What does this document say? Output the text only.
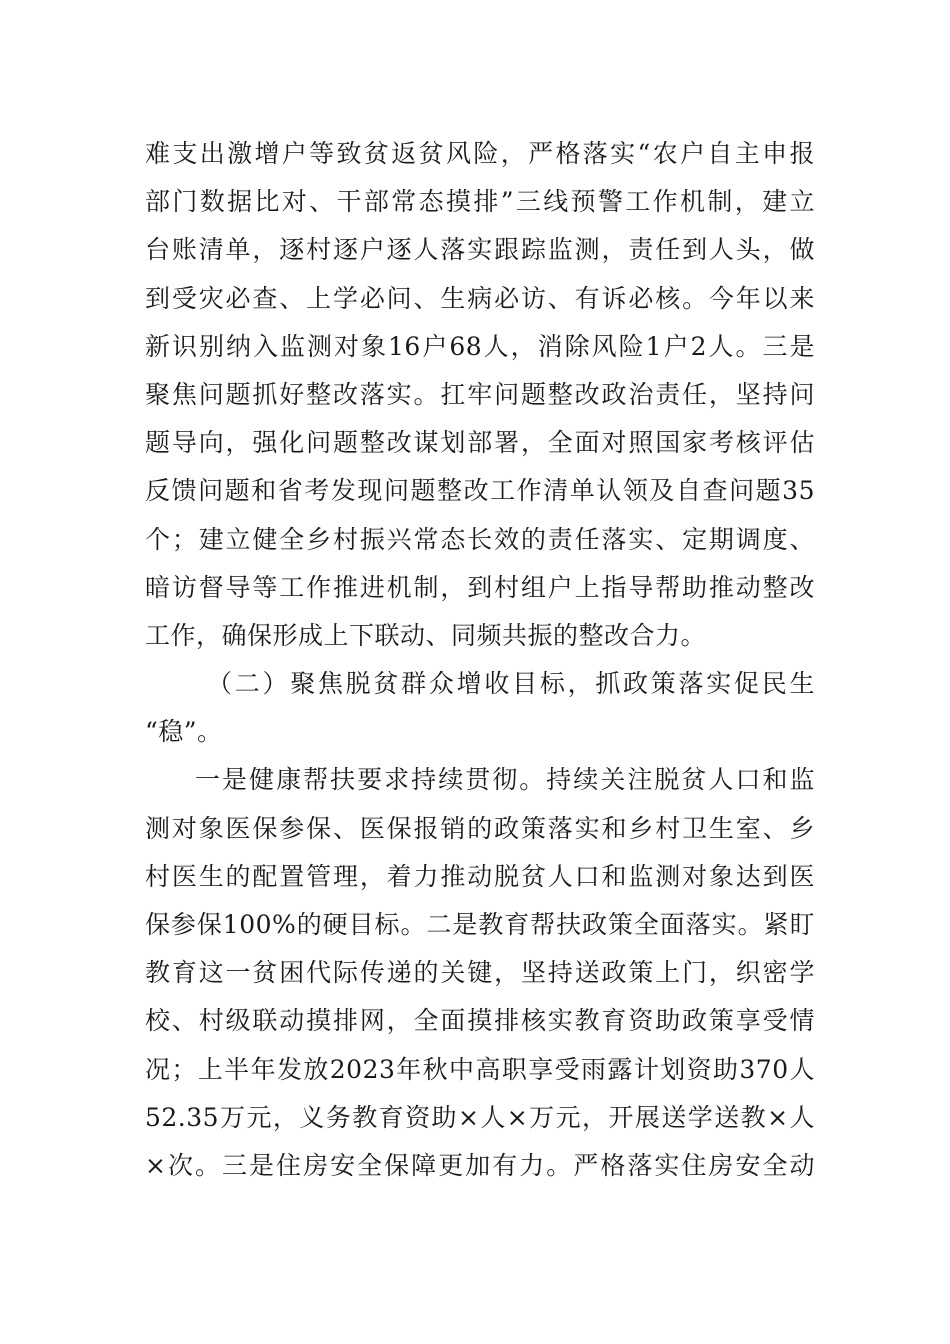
难支出激增户等致贫返贫风险，严格落实“农户自主申报
部门数据比对、干部常态摸排”三线预警工作机制，建立
台账清单，逐村逐户逐人落实跟踪监测，责任到人头，做
到受灾必查、上学必问、生病必访、有诉必核。今年以来
新识别纳入监测对象16户68人，消除风险1户2人。三是
聚焦问题抓好整改落实。扛牢问题整改政治责任，坚持问
题导向，强化问题整改谋划部署，全面对照国家考核评估
反馈问题和省考发现问题整改工作清单认领及自查问题35
个；建立健全乡村振兴常态长效的责任落实、定期调度、
暗访督导等工作推进机制，到村组户上指导帮助推动整改
工作，确保形成上下联动、同频共振的整改合力。
（二）聚焦脱贫群众增收目标，抓政策落实促民生
“稳”。
一是健康帮扶要求持续贯彻。持续关注脱贫人口和监
测对象医保参保、医保报销的政策落实和乡村卫生室、乡
村医生的配置管理，着力推动脱贫人口和监测对象达到医
保参保100%的硬目标。二是教育帮扶政策全面落实。紧盯
教育这一贫困代际传递的关键，坚持送政策上门，织密学
校、村级联动摸排网，全面摸排核实教育资助政策享受情
况；上半年发放2023年秋中高职享受雨露计划资助370人
52.35万元，义务教育资助×人×万元，开展送学送教×人
×次。三是住房安全保障更加有力。严格落实住房安全动
